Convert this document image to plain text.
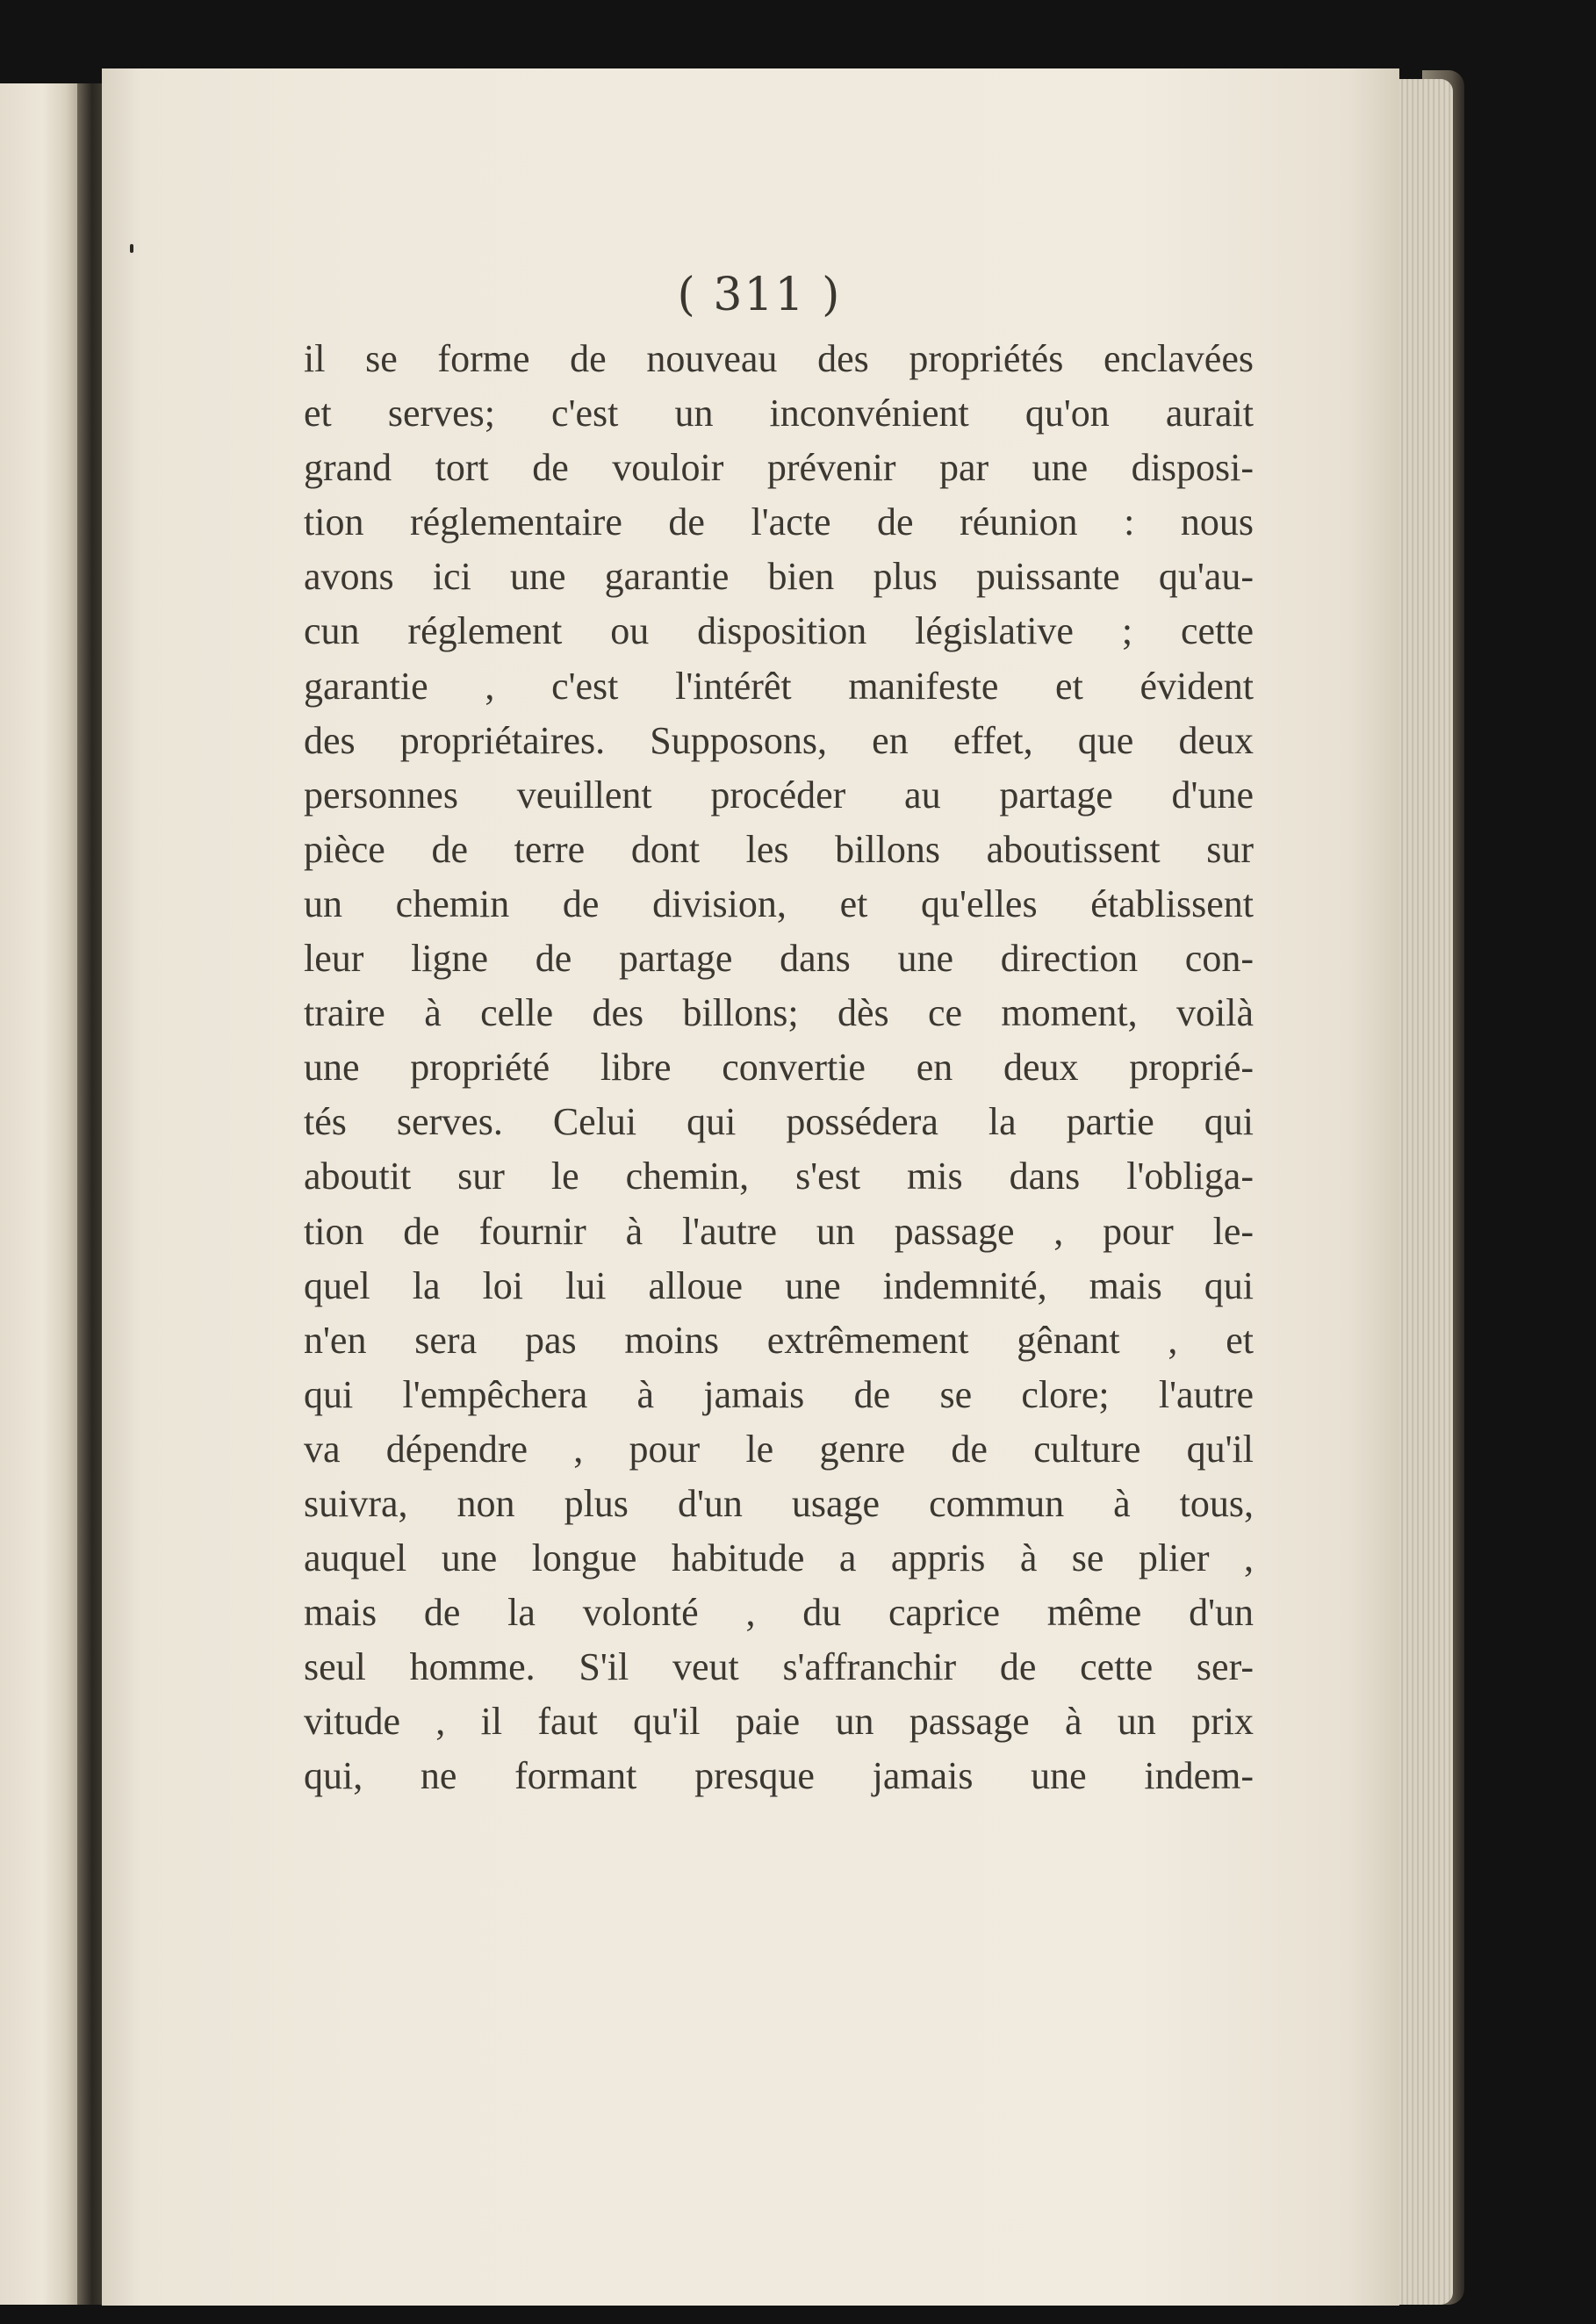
( 311 )
il se forme de nouveau des propriétés enclavées
et serves; c'est un inconvénient qu'on aurait
grand tort de vouloir prévenir par une disposi-
tion réglementaire de l'acte de réunion : nous
avons ici une garantie bien plus puissante qu'au-
cun réglement ou disposition législative ; cette
garantie , c'est l'intérêt manifeste et évident
des propriétaires. Supposons, en effet, que deux
personnes veuillent procéder au partage d'une
pièce de terre dont les billons aboutissent sur
un chemin de division, et qu'elles établissent
leur ligne de partage dans une direction con-
traire à celle des billons; dès ce moment, voilà
une propriété libre convertie en deux proprié-
tés serves. Celui qui possédera la partie qui
aboutit sur le chemin, s'est mis dans l'obliga-
tion de fournir à l'autre un passage , pour le-
quel la loi lui alloue une indemnité, mais qui
n'en sera pas moins extrêmement gênant , et
qui l'empêchera à jamais de se clore; l'autre
va dépendre , pour le genre de culture qu'il
suivra, non plus d'un usage commun à tous,
auquel une longue habitude a appris à se plier ,
mais de la volonté , du caprice même d'un
seul homme. S'il veut s'affranchir de cette ser-
vitude , il faut qu'il paie un passage à un prix
qui, ne formant presque jamais une indem-
